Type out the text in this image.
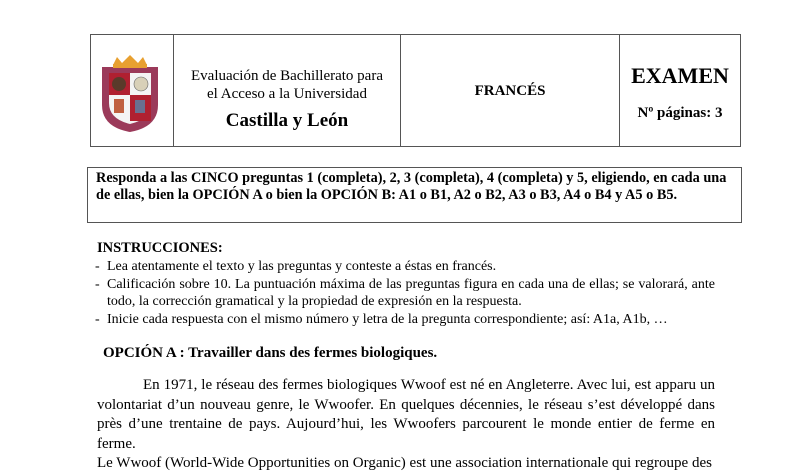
Evaluación de Bachillerato para
el Acceso a la Universidad
Castilla y León
FRANCÉS
EXAMEN
Nº páginas: 3
Responda a las CINCO preguntas 1 (completa), 2, 3 (completa), 4 (completa) y 5, eligiendo, en cada una de ellas, bien la OPCIÓN A o bien la OPCIÓN B: A1 o B1, A2 o B2, A3 o B3, A4 o B4 y A5 o B5.
INSTRUCCIONES:
- Lea atentamente el texto y las preguntas y conteste a éstas en francés.
- Calificación sobre 10. La puntuación máxima de las preguntas figura en cada una de ellas; se valorará, ante todo, la corrección gramatical y la propiedad de expresión en la respuesta.
- Inicie cada respuesta con el mismo número y letra de la pregunta correspondiente; así: A1a, A1b, …
OPCIÓN A : Travailler dans des fermes biologiques.

En 1971, le réseau des fermes biologiques Wwoof est né en Angleterre. Avec lui, est apparu un volontariat d’un nouveau genre, le Wwoofer. En quelques décennies, le réseau s’est développé dans près d’une trentaine de pays. Aujourd’hui, les Wwoofers parcourent le monde entier de ferme en ferme.

Le Wwoof (World-Wide Opportunities on Organic) est une association internationale qui regroupe des
